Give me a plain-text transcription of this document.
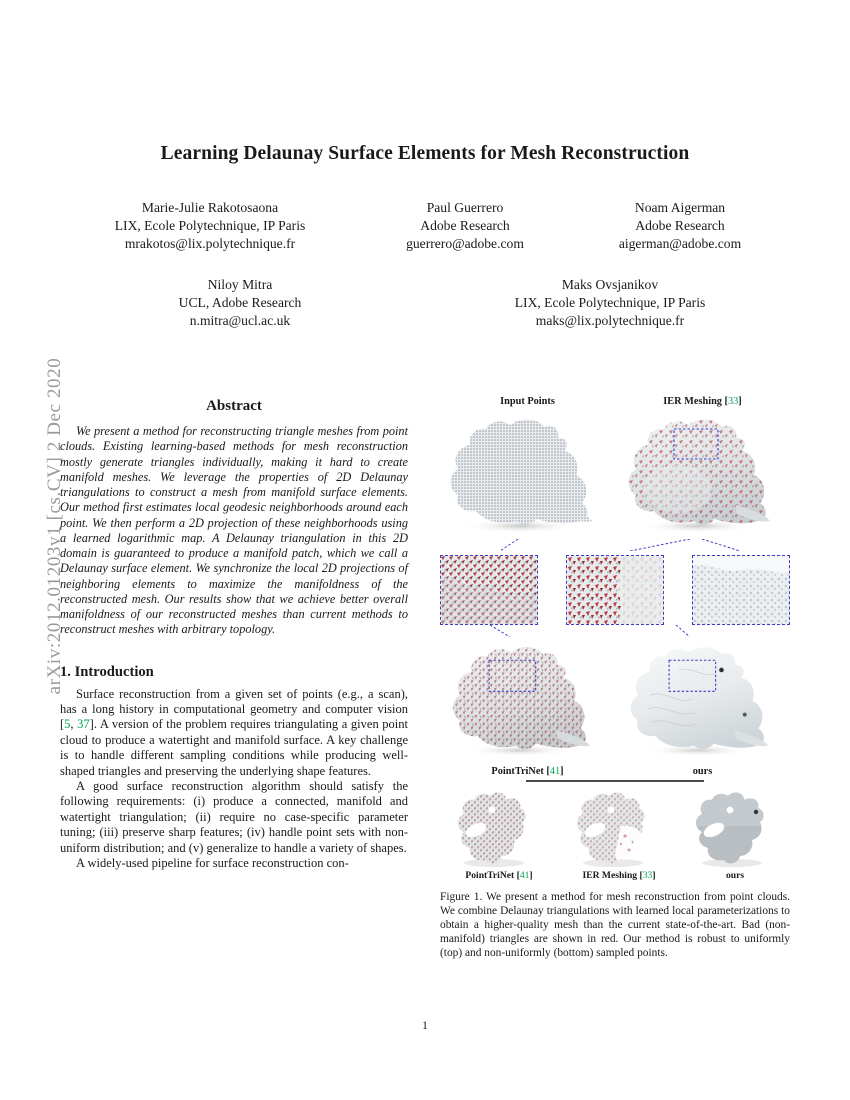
arXiv:2012.01203v1 [cs.CV] 2 Dec 2020
Learning Delaunay Surface Elements for Mesh Reconstruction
Marie-Julie Rakotosaona
LIX, Ecole Polytechnique, IP Paris
mrakotos@lix.polytechnique.fr
Paul Guerrero
Adobe Research
guerrero@adobe.com
Noam Aigerman
Adobe Research
aigerman@adobe.com
Niloy Mitra
UCL, Adobe Research
n.mitra@ucl.ac.uk
Maks Ovsjanikov
LIX, Ecole Polytechnique, IP Paris
maks@lix.polytechnique.fr
Abstract

We present a method for reconstructing triangle meshes from point clouds. Existing learning-based methods for mesh reconstruction mostly generate triangles individually, making it hard to create manifold meshes. We leverage the properties of 2D Delaunay triangulations to construct a mesh from manifold surface elements. Our method first estimates local geodesic neighborhoods around each point. We then perform a 2D projection of these neighborhoods using a learned logarithmic map. A Delaunay triangulation in this 2D domain is guaranteed to produce a manifold patch, which we call a Delaunay surface element. We synchronize the local 2D projections of neighboring elements to maximize the manifoldness of the reconstructed mesh. Our results show that we achieve better overall manifoldness of our reconstructed meshes than current methods to reconstruct meshes with arbitrary topology.

1. Introduction

Surface reconstruction from a given set of points (e.g., a scan), has a long history in computational geometry and computer vision [5, 37]. A version of the problem requires triangulating a given point cloud to produce a watertight and manifold surface. A key challenge is to handle different sampling conditions while producing well-shaped triangles and preserving the underlying shape features.

A good surface reconstruction algorithm should satisfy the following requirements: (i) produce a connected, manifold and watertight triangulation; (ii) require no case-specific parameter tuning; (iii) preserve sharp features; (iv) handle point sets with non-uniform distribution; and (v) generalize to handle a variety of shapes.

A widely-used pipeline for surface reconstruction con-

Input Points	IER Meshing [33]
PointTriNet [41]	ours
PointTriNet [41]	IER Meshing [33]	ours
Figure 1. We present a method for mesh reconstruction from point clouds. We combine Delaunay triangulations with learned local parameterizations to obtain a higher-quality mesh than the current state-of-the-art. Bad (non-manifold) triangles are shown in red. Our method is robust to uniformly (top) and non-uniformly (bottom) sampled points.
1
